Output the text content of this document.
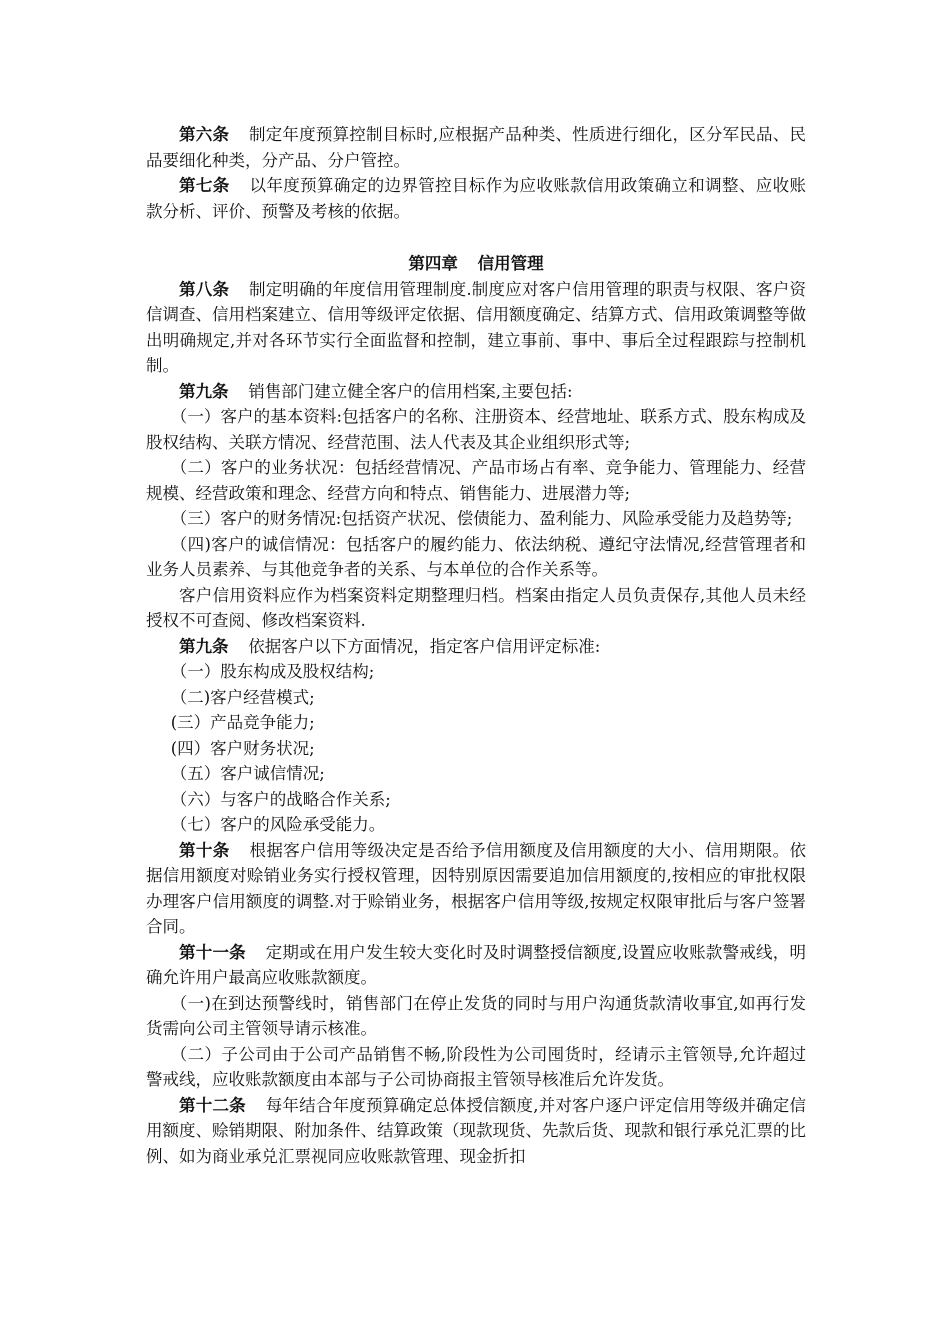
第六条 制定年度预算控制目标时,应根据产品种类、性质进行细化，区分军民品、民品要细化种类，分产品、分户管控。

第七条 以年度预算确定的边界管控目标作为应收账款信用政策确立和调整、应收账款分析、评价、预警及考核的依据。

第四章 信用管理

第八条 制定明确的年度信用管理制度.制度应对客户信用管理的职责与权限、客户资信调查、信用档案建立、信用等级评定依据、信用额度确定、结算方式、信用政策调整等做出明确规定,并对各环节实行全面监督和控制，建立事前、事中、事后全过程跟踪与控制机制。

第九条 销售部门建立健全客户的信用档案,主要包括:

（一）客户的基本资料:包括客户的名称、注册资本、经营地址、联系方式、股东构成及股权结构、关联方情况、经营范围、法人代表及其企业组织形式等;

（二）客户的业务状况：包括经营情况、产品市场占有率、竞争能力、管理能力、经营规模、经营政策和理念、经营方向和特点、销售能力、进展潜力等;

（三）客户的财务情况:包括资产状况、偿债能力、盈利能力、风险承受能力及趋势等;

（四)客户的诚信情况：包括客户的履约能力、依法纳税、遵纪守法情况,经营管理者和业务人员素养、与其他竞争者的关系、与本单位的合作关系等。

客户信用资料应作为档案资料定期整理归档。档案由指定人员负责保存,其他人员未经授权不可查阅、修改档案资料.

第九条 依据客户以下方面情况，指定客户信用评定标准:

（一）股东构成及股权结构;

（二)客户经营模式;

(三）产品竞争能力;

(四）客户财务状况;

（五）客户诚信情况;

（六）与客户的战略合作关系;

（七）客户的风险承受能力。

第十条 根据客户信用等级决定是否给予信用额度及信用额度的大小、信用期限。依据信用额度对赊销业务实行授权管理，因特别原因需要追加信用额度的,按相应的审批权限办理客户信用额度的调整.对于赊销业务，根据客户信用等级,按规定权限审批后与客户签署合同。

第十一条 定期或在用户发生较大变化时及时调整授信额度,设置应收账款警戒线，明确允许用户最高应收账款额度。

（一)在到达预警线时，销售部门在停止发货的同时与用户沟通货款清收事宜,如再行发货需向公司主管领导请示核准。

（二）子公司由于公司产品销售不畅,阶段性为公司囤货时，经请示主管领导,允许超过警戒线，应收账款额度由本部与子公司协商报主管领导核准后允许发货。

第十二条 每年结合年度预算确定总体授信额度,并对客户逐户评定信用等级并确定信用额度、赊销期限、附加条件、结算政策（现款现货、先款后货、现款和银行承兑汇票的比例、如为商业承兑汇票视同应收账款管理、现金折扣
